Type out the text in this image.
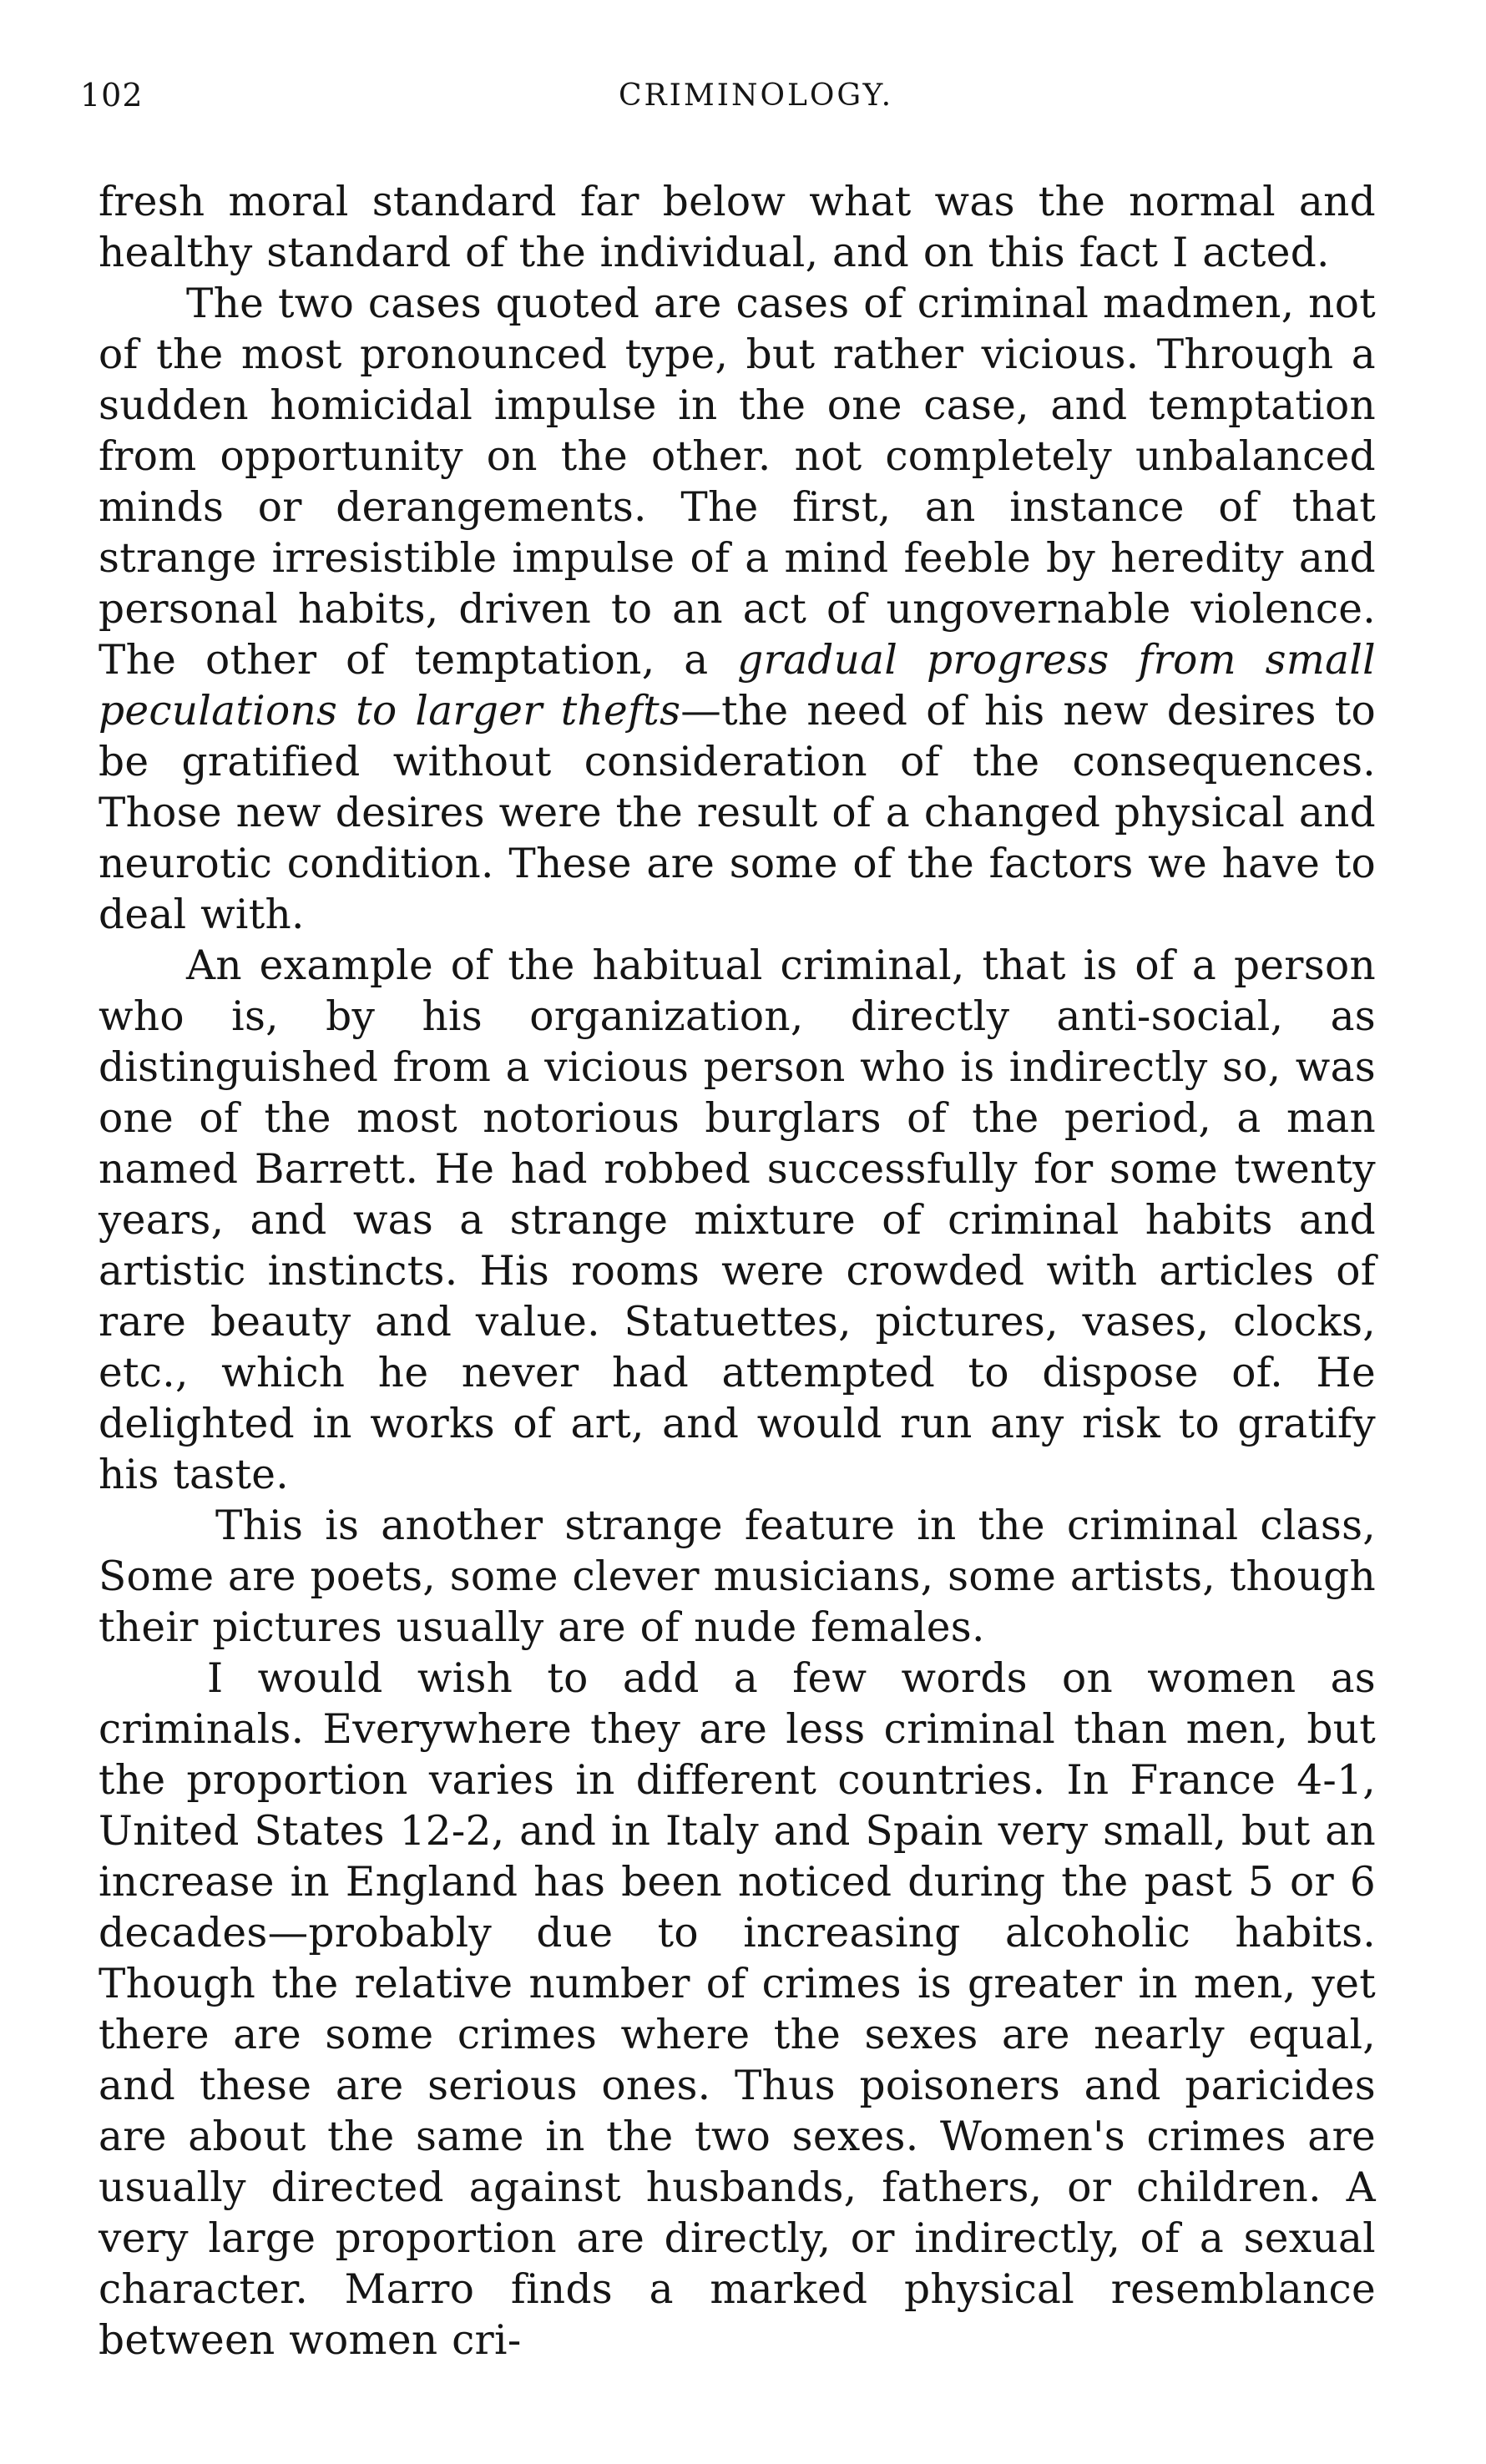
102	CRIMINOLOGY.

fresh moral standard far below what was the normal and healthy standard of the individual, and on this fact I acted.

The two cases quoted are cases of criminal madmen, not of the most pronounced type, but rather vicious. Through a sudden homicidal impulse in the one case, and temptation from opportunity on the other. not completely unbalanced minds or derangements. The first, an instance of that strange irresistible impulse of a mind feeble by heredity and personal habits, driven to an act of ungovernable violence. The other of temptation, a gradual progress from small peculations to larger thefts—the need of his new desires to be gratified without consideration of the consequences. Those new desires were the result of a changed physical and neurotic condition. These are some of the factors we have to deal with.

An example of the habitual criminal, that is of a person who is, by his organization, directly anti-social, as distinguished from a vicious person who is indirectly so, was one of the most notorious burglars of the period, a man named Barrett. He had robbed successfully for some twenty years, and was a strange mixture of criminal habits and artistic instincts. His rooms were crowded with articles of rare beauty and value. Statuettes, pictures, vases, clocks, etc., which he never had attempted to dispose of. He delighted in works of art, and would run any risk to gratify his taste.

This is another strange feature in the criminal class, Some are poets, some clever musicians, some artists, though their pictures usually are of nude females.

I would wish to add a few words on women as criminals. Everywhere they are less criminal than men, but the proportion varies in different countries. In France 4-1, United States 12-2, and in Italy and Spain very small, but an increase in England has been noticed during the past 5 or 6 decades—probably due to increasing alcoholic habits. Though the relative number of crimes is greater in men, yet there are some crimes where the sexes are nearly equal, and these are serious ones. Thus poisoners and paricides are about the same in the two sexes. Women's crimes are usually directed against husbands, fathers, or children. A very large proportion are directly, or indirectly, of a sexual character. Marro finds a marked physical resemblance between women cri-
